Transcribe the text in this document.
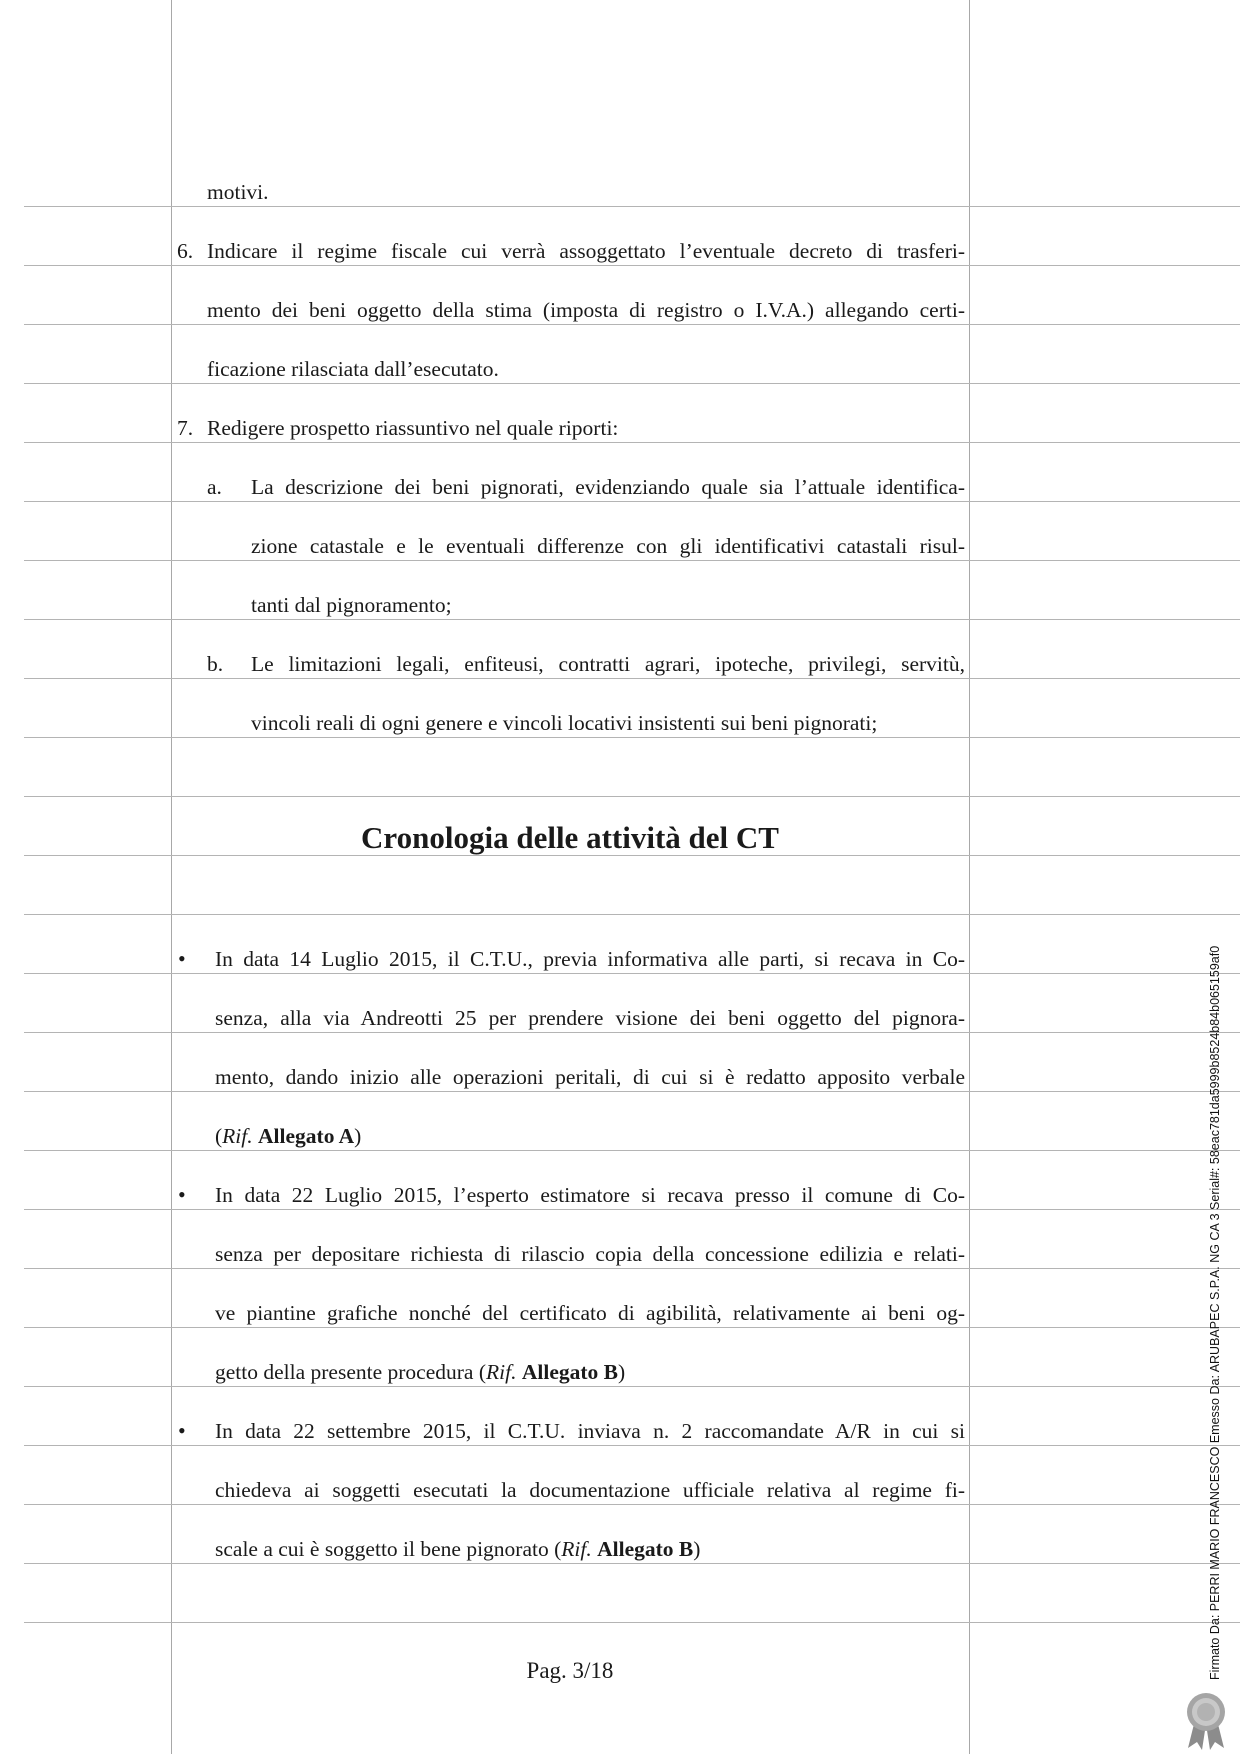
motivi.
6. Indicare il regime fiscale cui verrà assoggettato l’eventuale decreto di trasferi-
mento dei beni oggetto della stima (imposta di registro o I.V.A.) allegando certi-
ficazione rilasciata dall’esecutato.
7. Redigere prospetto riassuntivo nel quale riporti:
a. La descrizione dei beni pignorati, evidenziando quale sia l’attuale identifica-
zione catastale e le eventuali differenze con gli identificativi catastali risul-
tanti dal pignoramento;
b. Le limitazioni legali, enfiteusi, contratti agrari, ipoteche, privilegi, servitù,
vincoli reali di ogni genere e vincoli locativi insistenti sui beni pignorati;
Cronologia delle attività del CT
• In data 14 Luglio 2015, il C.T.U., previa informativa alle parti, si recava in Co-
senza, alla via Andreotti 25 per prendere visione dei beni oggetto del pignora-
mento, dando inizio alle operazioni peritali, di cui si è redatto apposito verbale
(Rif. Allegato A)
• In data 22 Luglio 2015, l’esperto estimatore si recava presso il comune di Co-
senza per depositare richiesta di rilascio copia della concessione edilizia e relati-
ve piantine grafiche nonché del certificato di agibilità, relativamente ai beni og-
getto della presente procedura (Rif. Allegato B)
• In data 22 settembre 2015, il C.T.U. inviava n. 2 raccomandate A/R in cui si
chiedeva ai soggetti esecutati la documentazione ufficiale relativa al regime fi-
scale a cui è soggetto il bene pignorato (Rif. Allegato B)
Pag. 3/18	Firmato Da: PERRI MARIO FRANCESCO Emesso Da: ARUBAPEC S.P.A. NG CA 3 Serial#: 58eac781da5999b8524b84b065159af0
